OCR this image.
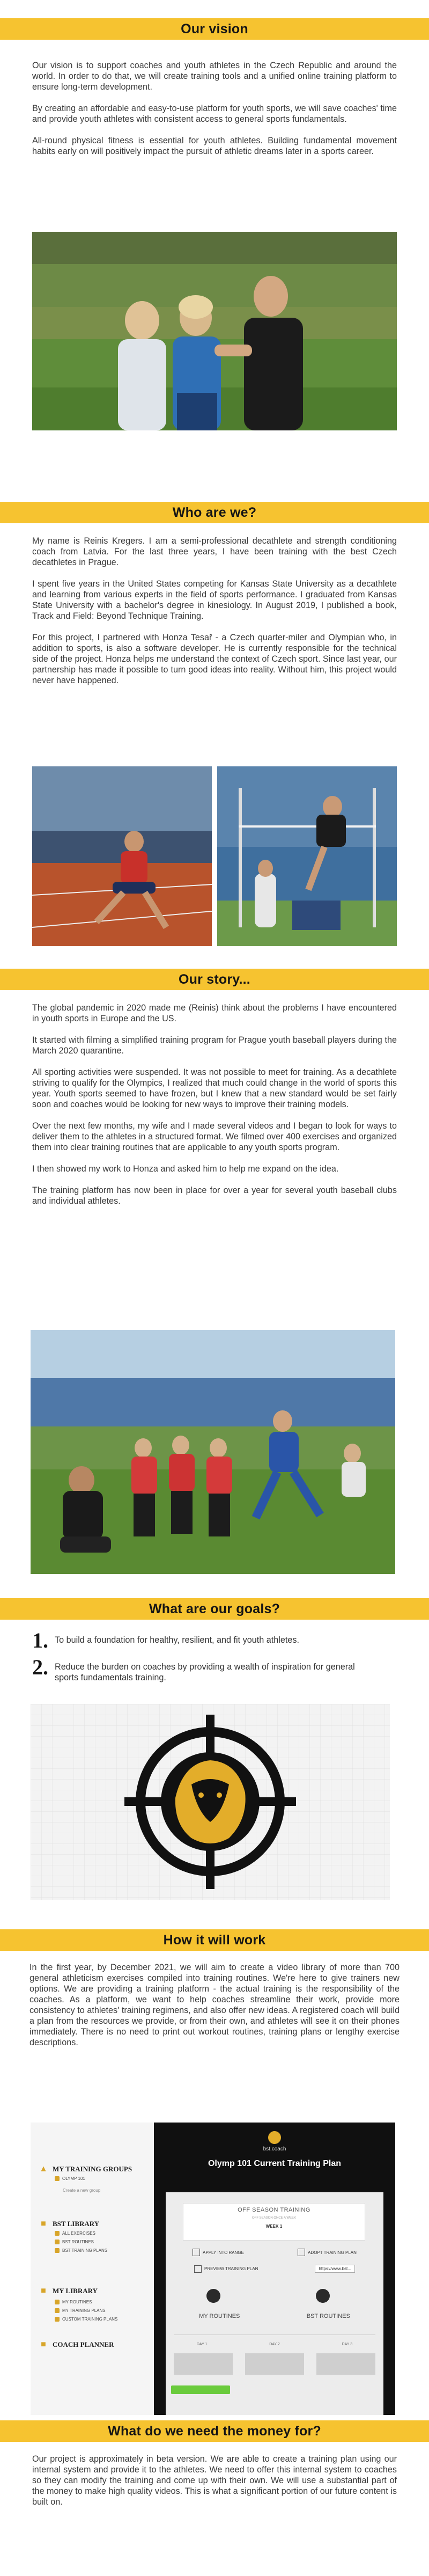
Our vision

Our vision is to support coaches and youth athletes in the Czech Republic and around the world. In order to do that, we will create training tools and a unified online training platform to ensure long-term development.

By creating an affordable and easy-to-use platform for youth sports, we will save coaches' time and provide youth athletes with consistent access to general sports fundamentals.

All-round physical fitness is essential for youth athletes. Building fundamental movement habits early on will positively impact the pursuit of athletic dreams later in a sports career.

Who are we?

My name is Reinis Kregers. I am a semi-professional decathlete and strength conditioning coach from Latvia. For the last three years, I have been training with the best Czech decathletes in Prague.

I spent five years in the United States competing for Kansas State University as a decathlete and learning from various experts in the field of sports performance. I graduated from Kansas State University with a bachelor's degree in kinesiology. In August 2019, I published a book, Track and Field: Beyond Technique Training.

For this project, I partnered with Honza Tesař - a Czech quarter-miler and Olympian who, in addition to sports, is also a software developer. He is currently responsible for the technical side of the project. Honza helps me understand the context of Czech sport. Since last year, our partnership has made it possible to turn good ideas into reality. Without him, this project would never have happened.

Our story...

The global pandemic in 2020 made me (Reinis) think about the problems I have encountered in youth sports in Europe and the US.

It started with filming a simplified training program for Prague youth baseball players during the March 2020 quarantine.

All sporting activities were suspended. It was not possible to meet for training. As a decathlete striving to qualify for the Olympics, I realized that much could change in the world of sports this year. Youth sports seemed to have frozen, but I knew that a new standard would be set fairly soon and coaches would be looking for new ways to improve their training models.

Over the next few months, my wife and I made several videos and I began to look for ways to deliver them to the athletes in a structured format. We filmed over 400 exercises and organized them into clear training routines that are applicable to any youth sports program.

I then showed my work to Honza and asked him to help me expand on the idea.

The training platform has now been in place for over a year for several youth baseball clubs and individual athletes.

What are our goals?
1. To build a foundation for healthy, resilient, and fit youth athletes.
2. Reduce the burden on coaches by providing a wealth of inspiration for general sports fundamentals training.
How it will work

In the first year, by December 2021, we will aim to create a video library of more than 700 general athleticism exercises compiled into training routines. We're here to give trainers new options. We are providing a training platform - the actual training is the responsibility of the coaches. As a platform, we want to help coaches streamline their work, provide more consistency to athletes' training regimens, and also offer new ideas. A registered coach will build a plan from the resources we provide, or from their own, and athletes will see it on their phones immediately. There is no need to print out workout routines, training plans or lengthy exercise descriptions.

▲ MY TRAINING GROUPS
OLYMP 101
Create a new group
■ BST LIBRARY
ALL EXERCISES
BST ROUTINES
BST TRAINING PLANS
■ MY LIBRARY
MY ROUTINES
MY TRAINING PLANS
CUSTOM TRAINING PLANS
■ COACH PLANNER
bst.coach
Olymp 101 Current Training Plan
OFF SEASON TRAINING
OFF SEASON ONCE A WEEK
WEEK 1
APPLY INTO RANGE	ADOPT TRAINING PLAN
PREVIEW TRAINING PLAN	https://www.bst...
MY ROUTINES	BST ROUTINES
DAY 1	DAY 2	DAY 3
What do we need the money for?

Our project is approximately in beta version. We are able to create a training plan using our internal system and provide it to the athletes. We need to offer this internal system to coaches so they can modify the training and come up with their own. We will use a substantial part of the money to make high quality videos. This is what a significant portion of our future content is built on.
